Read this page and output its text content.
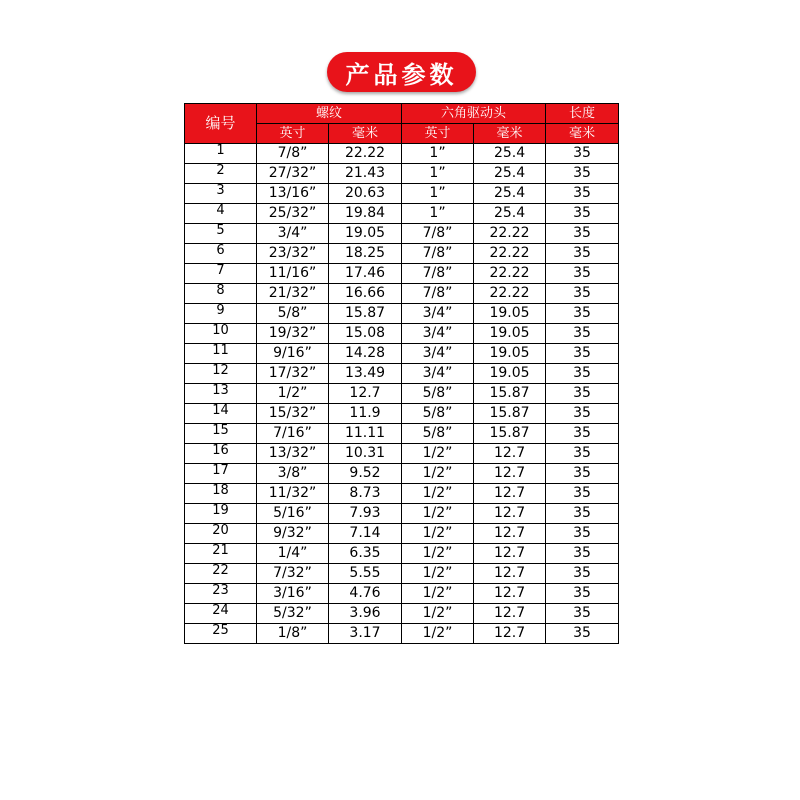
产品参数
编号	螺纹		六角驱动头		长度
	英寸	毫米	英寸	毫米	毫米
1	7/8”	22.22	1”	25.4	35
2	27/32”	21.43	1”	25.4	35
3	13/16”	20.63	1”	25.4	35
4	25/32”	19.84	1”	25.4	35
5	3/4”	19.05	7/8”	22.22	35
6	23/32”	18.25	7/8”	22.22	35
7	11/16”	17.46	7/8”	22.22	35
8	21/32”	16.66	7/8”	22.22	35
9	5/8”	15.87	3/4”	19.05	35
10	19/32”	15.08	3/4”	19.05	35
11	9/16”	14.28	3/4”	19.05	35
12	17/32”	13.49	3/4”	19.05	35
13	1/2”	12.7	5/8”	15.87	35
14	15/32”	11.9	5/8”	15.87	35
15	7/16”	11.11	5/8”	15.87	35
16	13/32”	10.31	1/2”	12.7	35
17	3/8”	9.52	1/2”	12.7	35
18	11/32”	8.73	1/2”	12.7	35
19	5/16”	7.93	1/2”	12.7	35
20	9/32”	7.14	1/2”	12.7	35
21	1/4”	6.35	1/2”	12.7	35
22	7/32”	5.55	1/2”	12.7	35
23	3/16”	4.76	1/2”	12.7	35
24	5/32”	3.96	1/2”	12.7	35
25	1/8”	3.17	1/2”	12.7	35
